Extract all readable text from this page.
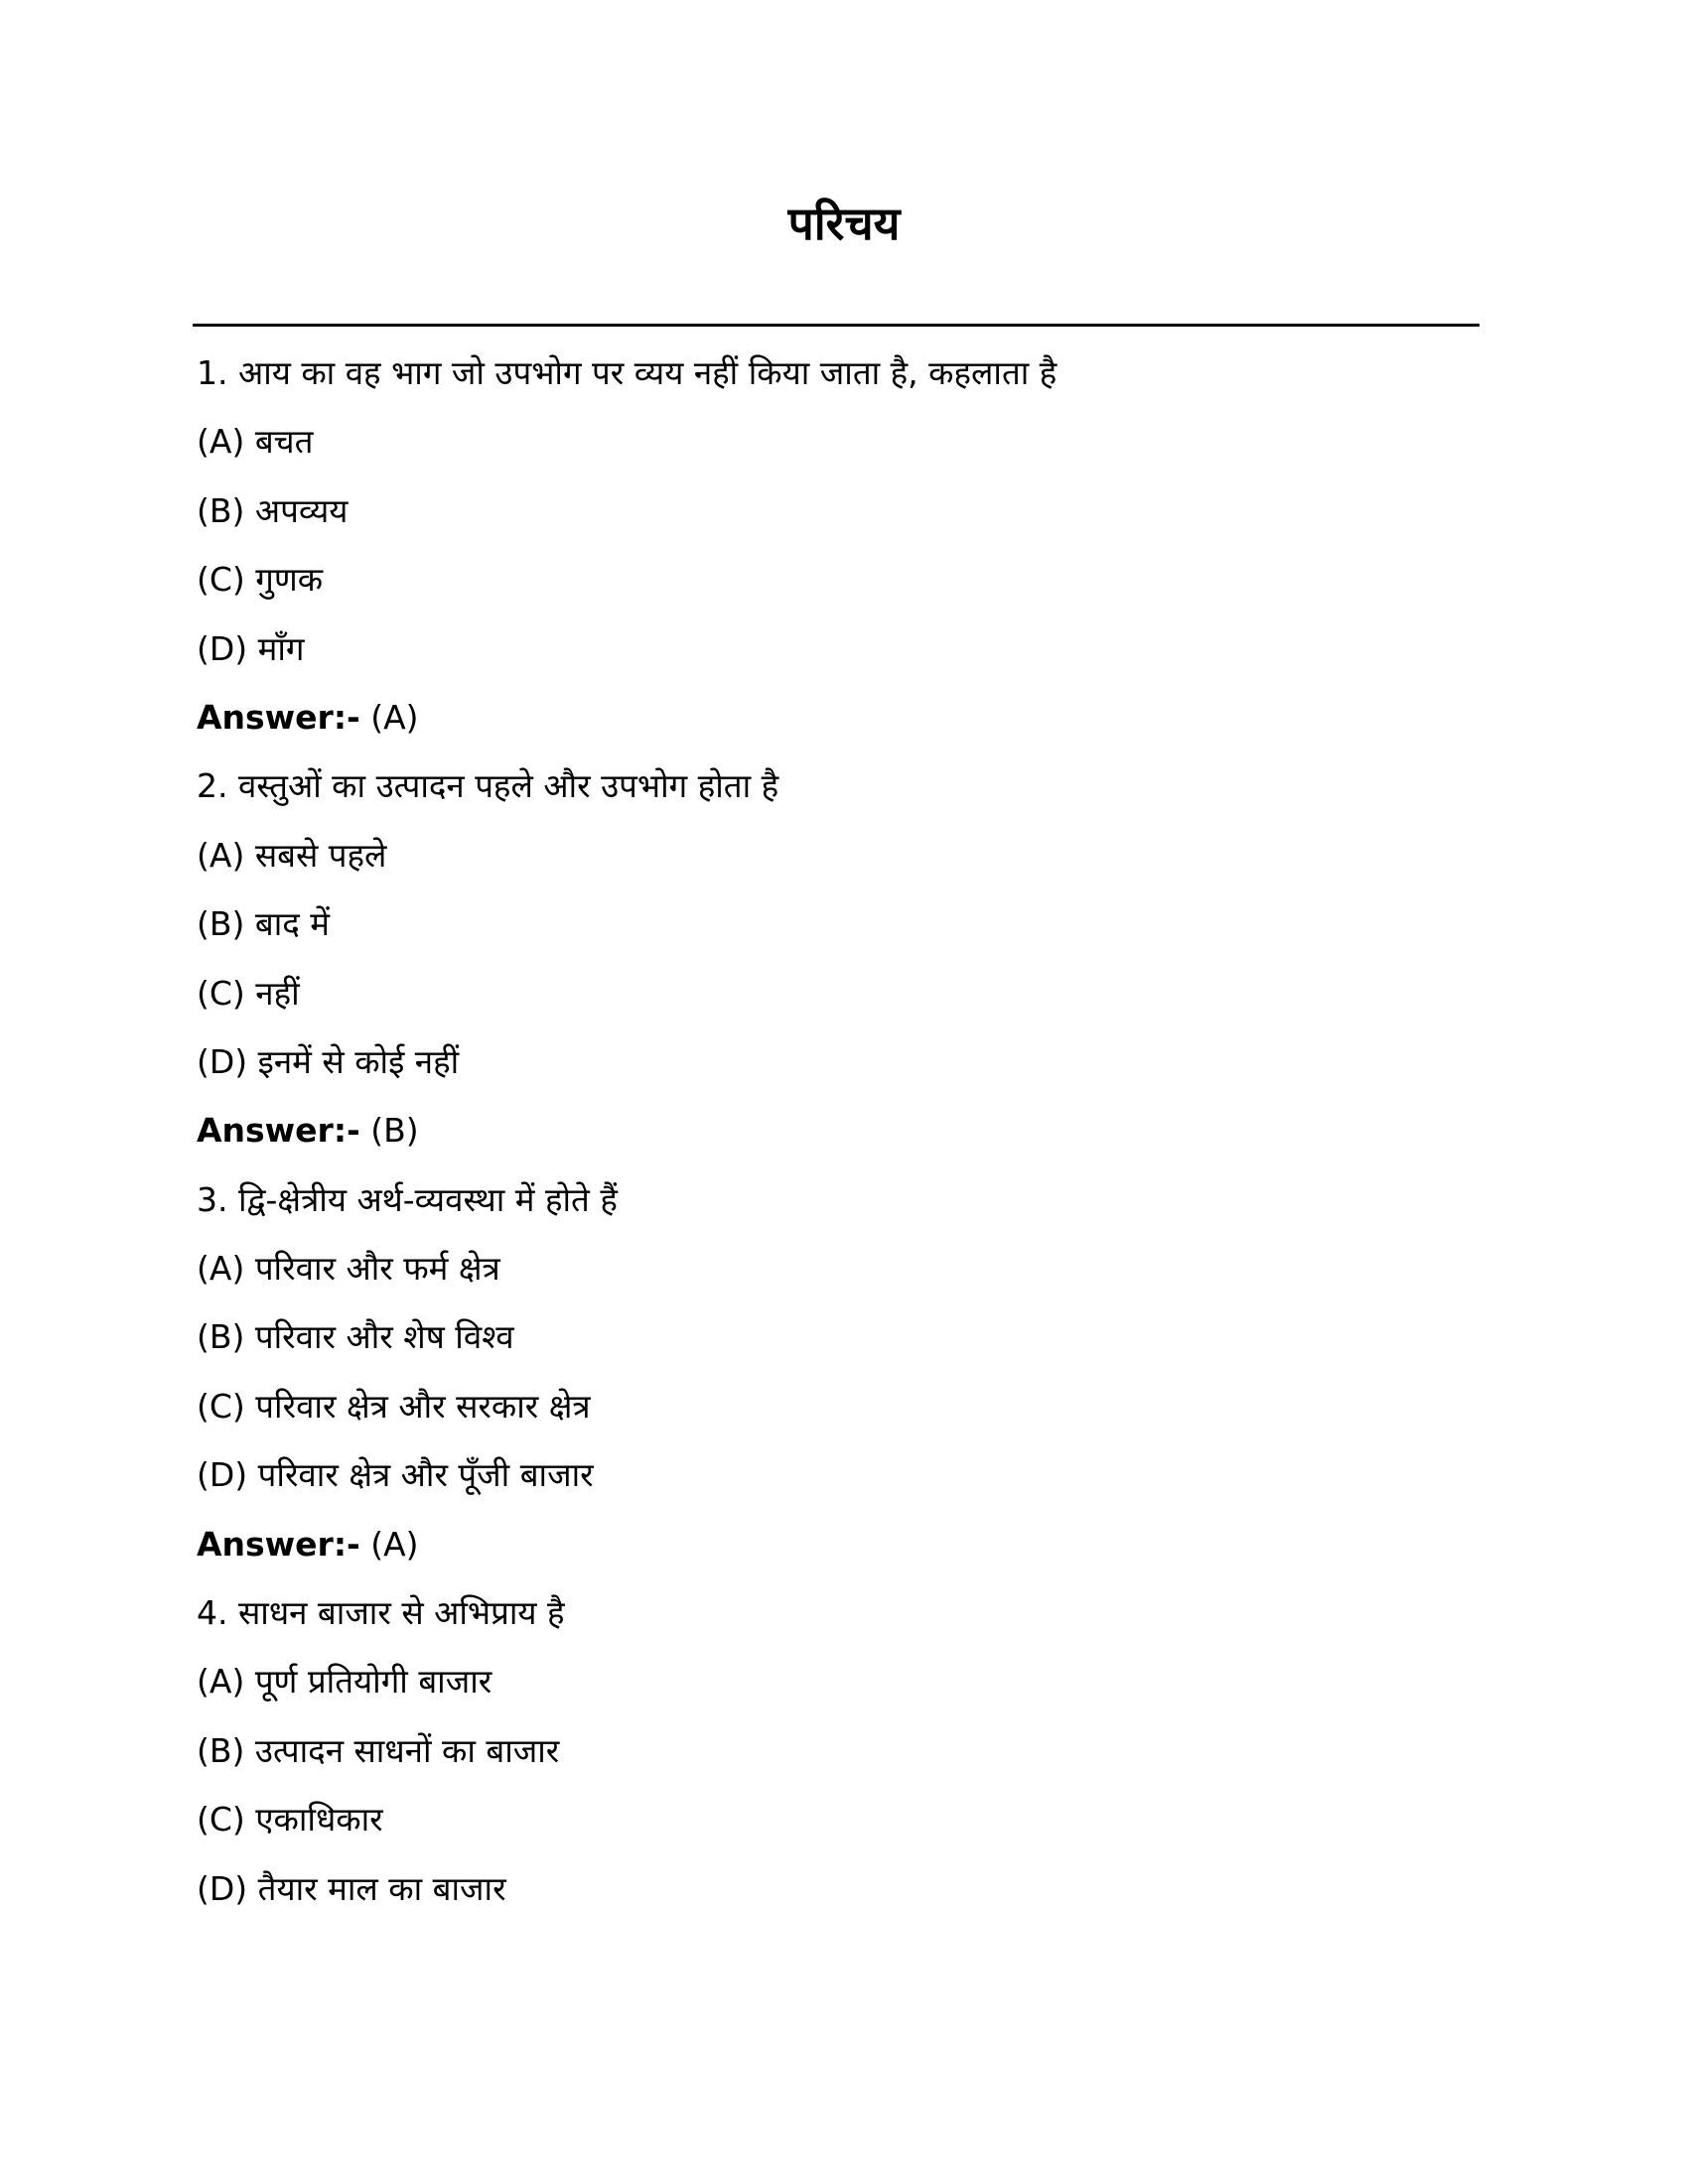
परिचय
1. आय का वह भाग जो उपभोग पर व्यय नहीं किया जाता है, कहलाता है
(A) बचत
(B) अपव्यय
(C) गुणक
(D) माँग
Answer:- (A)
2. वस्तुओं का उत्पादन पहले और उपभोग होता है
(A) सबसे पहले
(B) बाद में
(C) नहीं
(D) इनमें से कोई नहीं
Answer:- (B)
3. द्वि-क्षेत्रीय अर्थ-व्यवस्था में होते हैं
(A) परिवार और फर्म क्षेत्र
(B) परिवार और शेष विश्व
(C) परिवार क्षेत्र और सरकार क्षेत्र
(D) परिवार क्षेत्र और पूँजी बाजार
Answer:- (A)
4. साधन बाजार से अभिप्राय है
(A) पूर्ण प्रतियोगी बाजार
(B) उत्पादन साधनों का बाजार
(C) एकाधिकार
(D) तैयार माल का बाजार
